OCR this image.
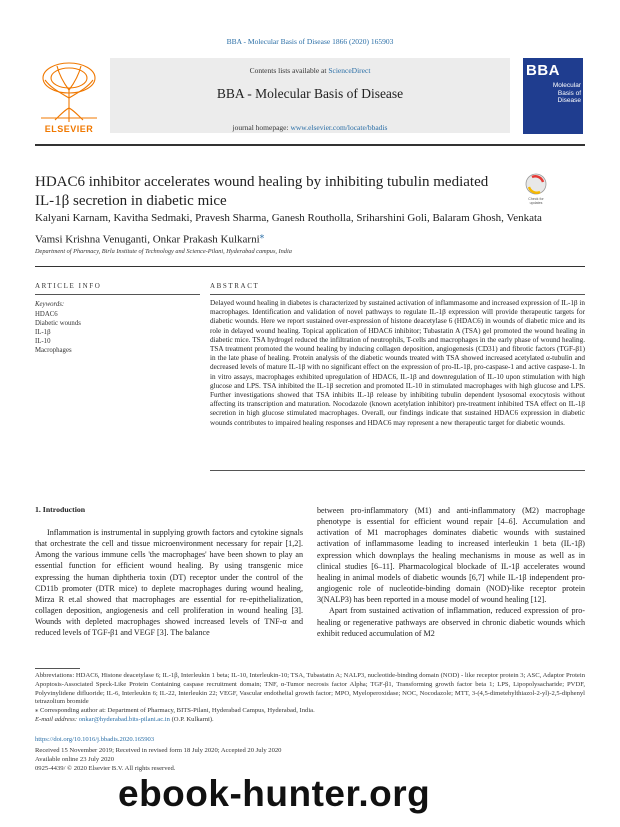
BBA - Molecular Basis of Disease 1866 (2020) 165903
ELSEVIER
Contents lists available at ScienceDirect
BBA - Molecular Basis of Disease
journal homepage: www.elsevier.com/locate/bbadis
BBA
Molecular Basis of Disease
HDAC6 inhibitor accelerates wound healing by inhibiting tubulin mediated IL-1β secretion in diabetic mice	Check for
updates
Kalyani Karnam, Kavitha Sedmaki, Pravesh Sharma, Ganesh Routholla, Sriharshini Goli, Balaram Ghosh, Venkata Vamsi Krishna Venuganti, Onkar Prakash Kulkarni⁎
Department of Pharmacy, Birla Institute of Technology and Science-Pilani, Hyderabad campus, India
ARTICLE INFO	ABSTRACT
Keywords:
HDAC6
Diabetic wounds
IL-1β
IL-10
Macrophages
Delayed wound healing in diabetes is characterized by sustained activation of inflammasome and increased expression of IL-1β in macrophages. Identification and validation of novel pathways to regulate IL-1β expression will provide therapeutic targets for diabetic wounds. Here we report sustained over-expression of histone deacetylase 6 (HDAC6) in wounds of diabetic mice and its role in delayed wound healing. Topical application of HDAC6 inhibitor; Tubastatin A (TSA) gel promoted the wound healing in diabetic mice. TSA hydrogel reduced the infiltration of neutrophils, T-cells and macrophages in the early phase of wound healing. TSA treatment promoted the wound healing by inducing collagen deposition, angiogenesis (CD31) and fibrotic factors (TGF-β1) in the late phase of healing. Protein analysis of the diabetic wounds treated with TSA showed increased acetylated α-tubulin and decreased levels of mature IL-1β with no significant effect on the expression of pro-IL-1β, pro-caspase-1 and active caspase-1. In in vitro assays, macrophages exhibited upregulation of HDAC6, IL-1β and downregulation of IL-10 upon stimulation with high glucose and LPS. TSA inhibited the IL-1β secretion and promoted IL-10 in stimulated macrophages with high glucose and LPS. Further investigations showed that TSA inhibits IL-1β release by inhibiting tubulin dependent lysosomal exocytosis without affecting its transcription and maturation. Nocodazole (known acetylation inhibitor) pre-treatment inhibited TSA effect on IL-1β secretion in high glucose stimulated macrophages. Overall, our findings indicate that sustained HDAC6 expression in diabetic wounds contributes to impaired healing responses and HDAC6 may represent a new therapeutic target for diabetic wounds.
1. Introduction

Inflammation is instrumental in supplying growth factors and cytokine signals that orchestrate the cell and tissue microenvironment necessary for repair [1,2]. Among the various immune cells 'the macrophages' have been shown to play an essential function for efficient wound healing. By using transgenic mice expressing the human diphtheria toxin (DT) receptor under the control of the CD11b promoter (DTR mice) to deplete macrophages during wound healing, Mirza R et.al showed that macrophages are essential for re-epithelialization, collagen deposition, angiogenesis and cell proliferation in wound healing [3]. Wounds with depleted macrophages showed increased levels of TNF-α and reduced levels of TGF-β1 and VEGF [3]. The balance

between pro-inflammatory (M1) and anti-inflammatory (M2) macrophage phenotype is essential for efficient wound repair [4–6]. Accumulation and activation of M1 macrophages dominates diabetic wounds with sustained activation of inflammasome leading to increased interleukin 1 beta (IL-1β) expression which downplays the healing mechanisms in mouse as well as in clinical studies [6–11]. Pharmacological blockade of IL-1β accelerates wound healing in animal models of diabetic wounds [6,7] while IL-1β independent pro-angiogenic role of nucleotide-binding domain (NOD)-like receptor protein 3(NALP3) has been reported in a mouse model of wound healing [12].

Apart from sustained activation of inflammation, reduced expression of pro-healing or regenerative pathways are observed in chronic diabetic wounds which exhibit reduced accumulation of M2

Abbreviations: HDAC6, Histone deacetylase 6; IL-1β, Interleukin 1 beta; IL-10, Interleukin-10; TSA, Tubastatin A; NALP3, nucleotide-binding domain (NOD) - like receptor protein 3; ASC, Adaptor Protein Apoptosis-Associated Speck-Like Protein Containing caspase recruitment domain; TNF, α-Tumor necrosis factor Alpha; TGF-β1, Transforming growth factor beta 1; LPS, Lipopolysacharide; PVDF, Polyvinylidene difluoride; IL-6, Interleukin 6; IL-22, Interleukin 22; VEGF, Vascular endothelial growth factor; MPO, Myeloperoxidase; NOC, Nocodazole; MTT, 3-(4,5-dimetehylthiazol-2-yl)-2,5-diphenyl tetrazolium bromide

⁎ Corresponding author at: Department of Pharmacy, BITS-Pilani, Hyderabad Campus, Hyderabad, India.

E-mail address: onkar@hyderabad.bits-pilani.ac.in (O.P. Kulkarni).

https://doi.org/10.1016/j.bbadis.2020.165903
Received 15 November 2019; Received in revised form 18 July 2020; Accepted 20 July 2020
Available online 23 July 2020
0925-4439/ © 2020 Elsevier B.V. All rights reserved.
ebook-hunter.org
